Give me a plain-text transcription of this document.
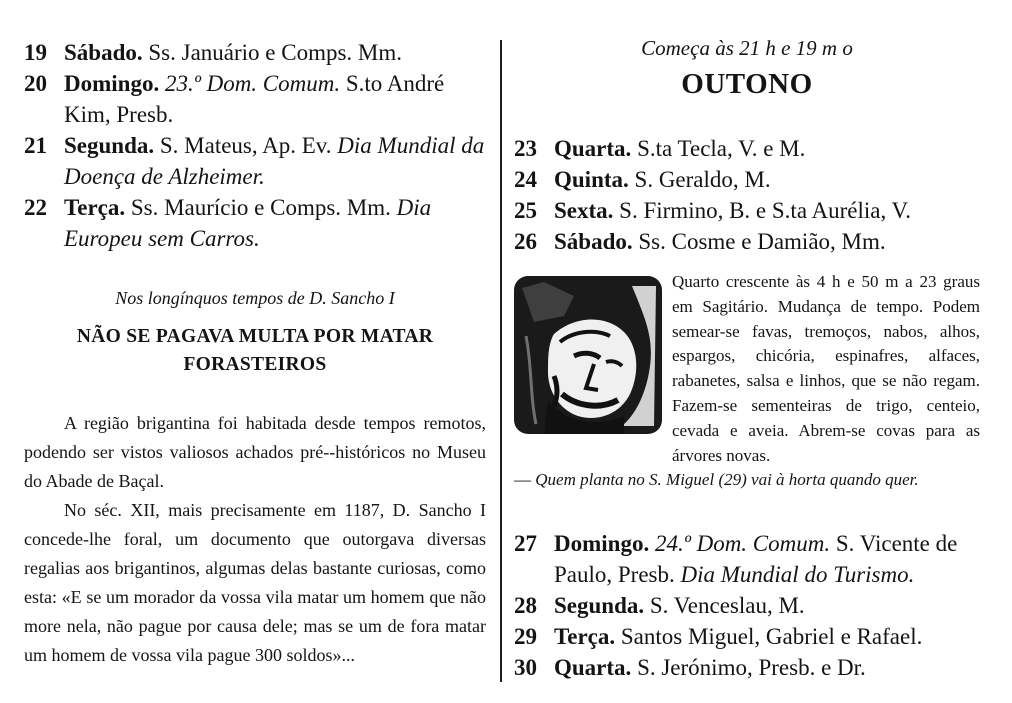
19 Sábado. Ss. Januário e Comps. Mm.
20 Domingo. 23.º Dom. Comum. S.to André Kim, Presb.
21 Segunda. S. Mateus, Ap. Ev. Dia Mundial da Doença de Alzheimer.
22 Terça. Ss. Maurício e Comps. Mm. Dia Europeu sem Carros.
Nos longínquos tempos de D. Sancho I
NÃO SE PAGAVA MULTA POR MATAR
FORASTEIROS

A região brigantina foi habitada desde tempos remotos, podendo ser vistos valiosos achados pré-‑históricos no Museu do Abade de Baçal.

No séc. XII, mais precisamente em 1187, D. Sancho I concede-lhe foral, um documento que outorgava diversas regalias aos brigantinos, algumas delas bastante curiosas, como esta: «E se um morador da vossa vila matar um homem que não more nela, não pague por causa dele; mas se um de fora matar um homem de vossa vila pague 300 soldos»...

Começa às 21 h e 19 m o
OUTONO
23 Quarta. S.ta Tecla, V. e M.
24 Quinta. S. Geraldo, M.
25 Sexta. S. Firmino, B. e S.ta Aurélia, V.
26 Sábado. Ss. Cosme e Damião, Mm.

Quarto crescente às 4 h e 50 m a 23 graus em Sagitário. Mudança de tempo. Podem semear-se favas, tremoços, nabos, alhos, espargos, chicória, espinafres, alfaces, rabanetes, salsa e linhos, que se não regam. Fazem-se sementeiras de trigo, centeio, cevada e aveia. Abrem-se covas para as árvores novas.

— Quem planta no S. Miguel (29) vai à horta quando quer.

27 Domingo. 24.º Dom. Comum. S. Vicente de Paulo, Presb. Dia Mundial do Turismo.
28 Segunda. S. Venceslau, M.
29 Terça. Santos Miguel, Gabriel e Rafael.
30 Quarta. S. Jerónimo, Presb. e Dr.
